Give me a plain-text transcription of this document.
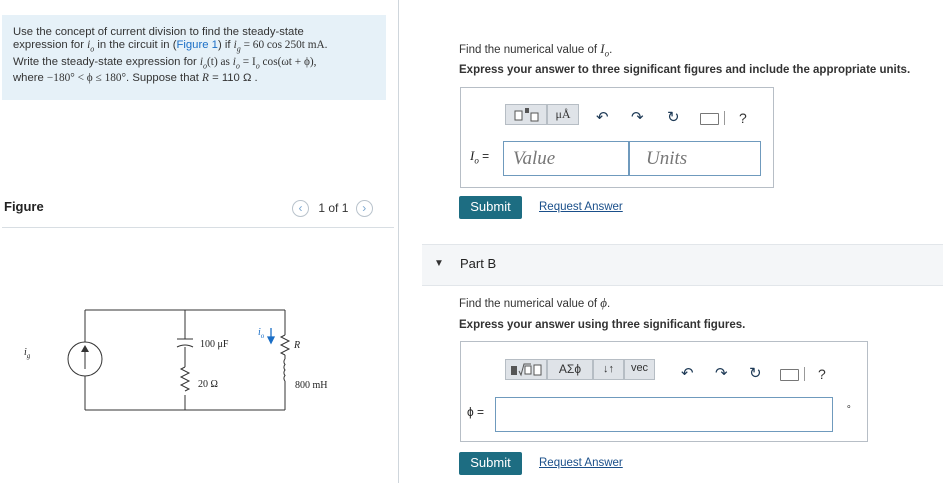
Use the concept of current division to find the steady-state
expression for $i_o$ in the circuit in (Figure 1) if $i_g = 60$ cos 250t mA.
Write the steady-state expression for $i_o(t)$ as $i_o = I_o$ cos(ωt + ϕ),
where −180° < ϕ ≤ 180°. Suppose that R = 110 Ω .
Figure	‹ 1 of 1 ›
$i_g$
100 μF
20 Ω
$i_o$
R
800 mH
Find the numerical value of $I_o$.
Express your answer to three significant figures and include the appropriate units.
μÅ	↶ ↷ ↻	?
$I_o$ = Value	Units
Submit	Request Answer
▼ Part B
Find the numerical value of ϕ.
Express your answer using three significant figures.
ΑΣϕ	↓↑	vec	↶ ↷ ↻	?
ϕ =	∘
Submit	Request Answer
